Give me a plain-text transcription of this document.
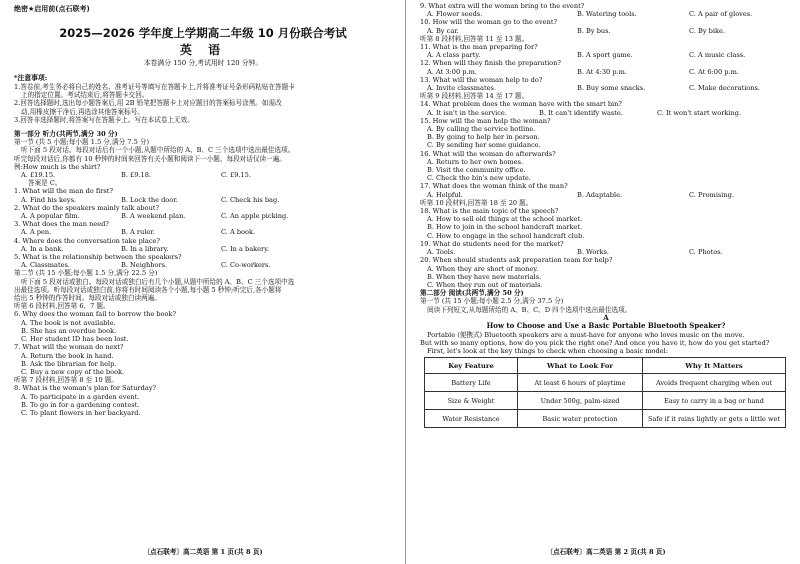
绝密★启用前(点石联考)
2025—2026 学年度上学期高二年级 10 月份联合考试
英 语
本卷满分 150 分,考试用时 120 分钟。
*注意事项:
1.答卷前,考生务必将自己的姓名、准考证号等填写在答题卡上,并将准考证号条形码粘贴在答题卡
上的指定位置。考试结束后,将答题卡交回。
2.回答选择题时,选出每小题答案后,用 2B 铅笔把答题卡上对应题目的答案标号涂黑。如需改
动,用橡皮擦干净后,再选涂其他答案标号。
3.回答非选择题时,将答案写在答题卡上。写在本试卷上无效。
第一部分 听力(共两节,满分 30 分)
第一节 (共 5 小题;每小题 1.5 分,满分 7.5 分)
听下面 5 段对话。每段对话后有一个小题,从题中所给的 A、B、C 三个选项中选出最佳选项。
听完每段对话后,你都有 10 秒钟的时间来回答有关小题和阅读下一小题。每段对话仅读一遍。
例:How much is the shirt?
A. £19.15.	B. £9.18.	C. £9.15.
答案是 C。
1. What will the man do first?
A. Find his keys.	B. Lock the door.	C. Check his bag.
2. What do the speakers mainly talk about?
A. A popular film.	B. A weekend plan.	C. An apple picking.
3. What does the man need?
A. A pen.	B. A ruler.	C. A book.
4. Where does the conversation take place?
A. In a bank.	B. In a library.	C. In a bakery.
5. What is the relationship between the speakers?
A. Classmates.	B. Neighbors.	C. Co-workers.
第二节 (共 15 小题;每小题 1.5 分,满分 22.5 分)
听下面 5 段对话或独白。每段对话或独白后有几个小题,从题中所给的 A、B、C 三个选项中选
出最佳选项。听每段对话或独白前,你将有时间阅读各个小题,每小题 5 秒钟;听完后,各小题将
给出 5 秒钟的作答时间。每段对话或独白读两遍。
听第 6 段材料,回答第 6、7 题。
6. Why does the woman fail to borrow the book?
A. The book is not available.
B. She has an overdue book.
C. Her student ID has been lost.
7. What will the woman do next?
A. Return the book in hand.
B. Ask the librarian for help.
C. Buy a new copy of the book.
听第 7 段材料,回答第 8 至 10 题。
8. What is the woman's plan for Saturday?
A. To participate in a garden event.
B. To go in for a gardening contest.
C. To plant flowers in her backyard.
〔点石联考〕高二英语 第 1 页(共 8 页)
9. What extra will the woman bring to the event?
A. Flower seeds.	B. Watering tools.	C. A pair of gloves.
10. How will the woman go to the event?
A. By car.	B. By bus.	C. By bike.
听第 8 段材料,回答第 11 至 13 题。
11. What is the man preparing for?
A. A class party.	B. A sport game.	C. A music class.
12. When will they finish the preparation?
A. At 3:00 p.m.	B. At 4:30 p.m.	C. At 6:00 p.m.
13. What will the woman help to do?
A. Invite classmates.	B. Buy some snacks.	C. Make decorations.
听第 9 段材料,回答第 14 至 17 题。
14. What problem does the woman have with the smart bin?
A. It isn't in the service.	B. It can't identify waste.	C. It won't start working.
15. How will the man help the woman?
A. By calling the service hotline.
B. By going to help her in person.
C. By sending her some guidance.
16. What will the woman do afterwards?
A. Return to her own homes.
B. Visit the community office.
C. Check the bin's new update.
17. What does the woman think of the man?
A. Helpful.	B. Adaptable.	C. Promising.
听第 10 段材料,回答第 18 至 20 题。
18. What is the main topic of the speech?
A. How to sell old things at the school market.
B. How to join in the school handcraft market.
C. How to engage in the school handcraft club.
19. What do students need for the market?
A. Tools.	B. Works.	C. Photos.
20. When should students ask preparation team for help?
A. When they are short of money.
B. When they have new materials.
C. When they run out of materials.
第二部分 阅读(共两节,满分 50 分)
第一节 (共 15 小题;每小题 2.5 分,满分 37.5 分)
阅读下列短文,从每题所给的 A、B、C、D 四个选项中选出最佳选项。
A
How to Choose and Use a Basic Portable Bluetooth Speaker?
Portable (便携式) Bluetooth speakers are a must-have for anyone who loves music on the move.
But with so many options, how do you pick the right one? And once you have it, how do you get started?
First, let's look at the key things to check when choosing a basic model:
Key Feature	What to Look For	Why It Matters
Battery Life	At least 6 hours of playtime	Avoids frequent charging when out
Size & Weight	Under 500g, palm-sized	Easy to carry in a bag or hand
Water Resistance	Basic water protection	Safe if it rains lightly or gets a little wet
〔点石联考〕高二英语 第 2 页(共 8 页)
